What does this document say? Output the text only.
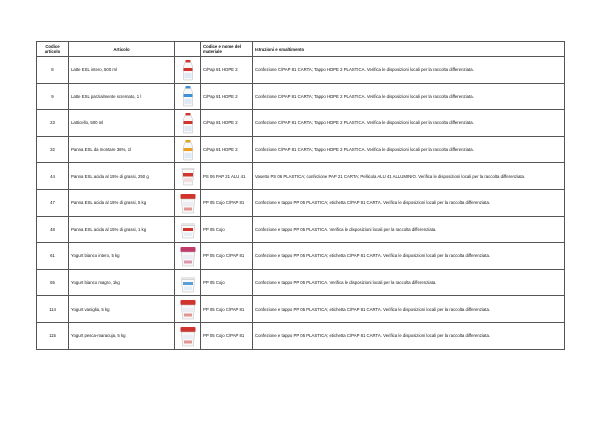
Codice articolo	Articolo		Codice e nome del materiale	Istruzioni e smaltimento
8	Latte ESL intero, 500 ml		C/Pap 81 HDPE 2	Confezione C/PAP 81 CARTA; Tappo HDPE 2 PLASTICA. Verifica le disposizioni locali per la raccolta differenziata.
9	Latte ESL parzialmente scremato, 1 l		C/Pap 81 HDPE 2	Confezione C/PAP 81 CARTA; Tappo HDPE 2 PLASTICA. Verifica le disposizioni locali per la raccolta differenziata.
23	Latticello, 500 ml		C/Pap 81 HDPE 2	Confezione C/PAP 81 CARTA; Tappo HDPE 2 PLASTICA. Verifica le disposizioni locali per la raccolta differenziata.
32	Panna ESL da montare 36%, 1l		C/Pap 81 HDPE 2	Confezione C/PAP 81 CARTA; Tappo HDPE 2 PLASTICA. Verifica le disposizioni locali per la raccolta differenziata.
44	Panna ESL acida al 15% di grassi, 250 g		PS 06 PAP 21 ALU 41	Vasetto PS 06 PLASTICA; confezione PAP 21 CARTA; Pellicola ALU 41 ALLUMINIO. Verifica le disposizioni locali per la raccolta differenziata.
47	Panna ESL acida al 15% di grassi, 5 kg		PP 05 Cojo C/PAP 81	Confezione e tappo PP 05 PLASTICA; etichetta C/PAP 81 CARTA. Verifica le disposizioni locali per la raccolta differenziata.
48	Panna ESL acida al 15% di grassi, 1 kg		PP 05 Cojo	Confezione e tappo PP 05 PLASTICA. Verifica le disposizioni locali per la raccolta differenziata.
61	Yogurt bianco intero, 5 kg		PP 05 Cojo C/PAP 81	Confezione e tappo PP 05 PLASTICA; etichetta C/PAP 81 CARTA. Verifica le disposizioni locali per la raccolta differenziata.
65	Yogurt bianco magro, 1kg		PP 05 Cojo	Confezione e tappo PP 05 PLASTICA. Verifica le disposizioni locali per la raccolta differenziata.
114	Yogurt vaniglia, 5 kg		PP 05 Cojo C/PAP 81	Confezione e tappo PP 05 PLASTICA; etichetta C/PAP 81 CARTA. Verifica le disposizioni locali per la raccolta differenziata.
115	Yogurt pesca-maracuja, 5 kg		PP 05 Cojo C/PAP 81	Confezione e tappo PP 05 PLASTICA; etichetta C/PAP 81 CARTA. Verifica le disposizioni locali per la raccolta differenziata.
